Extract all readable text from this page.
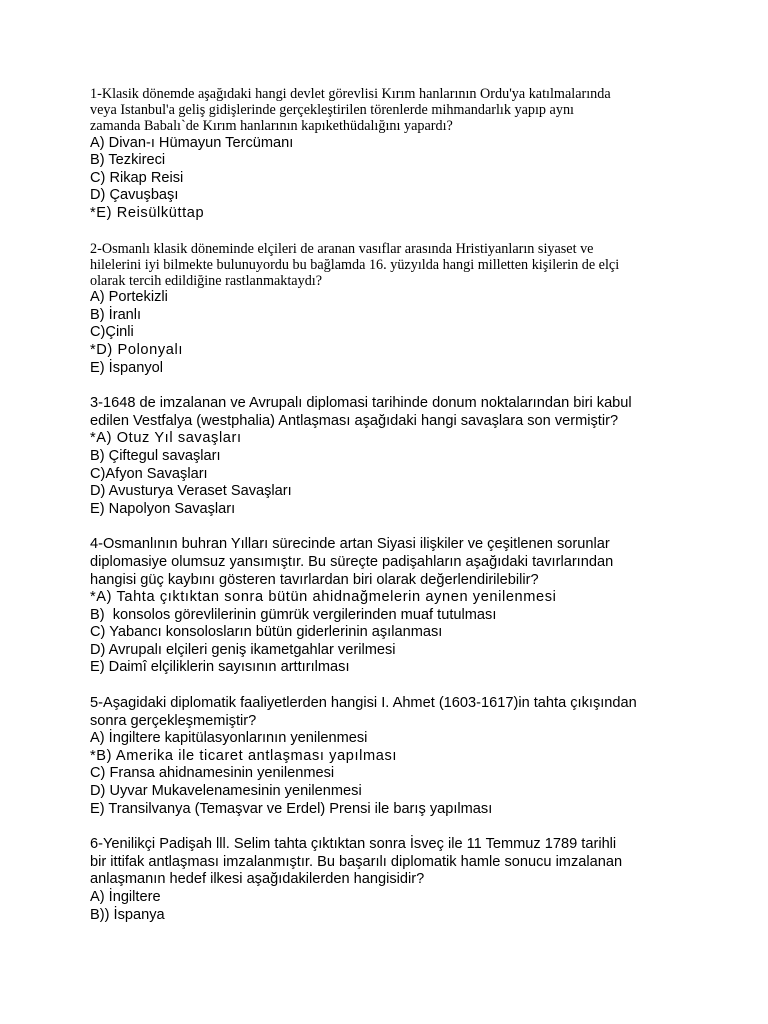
1-Klasik dönemde aşağıdaki hangi devlet görevlisi Kırım hanlarının Ordu'ya katılmalarında
veya Istanbul'a geliş gidişlerinde gerçekleştirilen törenlerde mihmandarlık yapıp aynı
zamanda Babalı`de Kırım hanlarının kapıkethüdalığını yapardı?

A) Divan-ı Hümayun Tercümanı
B) Tezkireci
C) Rikap Reisi
D) Çavuşbaşı
*E) Reisülküttap

2-Osmanlı klasik döneminde elçileri de aranan vasıflar arasında Hristiyanların siyaset ve
hilelerini iyi bilmekte bulunuyordu bu bağlamda 16. yüzyılda hangi milletten kişilerin de elçi
olarak tercih edildiğine rastlanmaktaydı?

A) Portekizli
B) İranlı
C)Çinli
*D) Polonyalı
E) İspanyol

3-1648 de imzalanan ve Avrupalı diplomasi tarihinde donum noktalarından biri kabul
edilen Vestfalya (westphalia) Antlaşması aşağıdaki hangi savaşlara son vermiştir?

*A) Otuz Yıl savaşları
B) Çiftegul savaşları
C)Afyon Savaşları
D) Avusturya Veraset Savaşları
E) Napolyon Savaşları

4-Osmanlının buhran Yılları sürecinde artan Siyasi ilişkiler ve çeşitlenen sorunlar
diplomasiye olumsuz yansımıştır. Bu süreçte padişahların aşağıdaki tavırlarından
hangisi güç kaybını gösteren tavırlardan biri olarak değerlendirilebilir?

*A) Tahta çıktıktan sonra bütün ahidnağmelerin aynen yenilenmesi
B)  konsolos görevlilerinin gümrük vergilerinden muaf tutulması
C) Yabancı konsolosların bütün giderlerinin aşılanması
D) Avrupalı elçileri geniş ikametgahlar verilmesi
E) Daimî elçiliklerin sayısının arttırılması

5-Aşagidaki diplomatik faaliyetlerden hangisi I. Ahmet (1603-1617)in tahta çıkışından
sonra gerçekleşmemiştir?

A) İngiltere kapitülasyonlarının yenilenmesi
*B) Amerika ile ticaret antlaşması yapılması
C) Fransa ahidnamesinin yenilenmesi
D) Uyvar Mukavelenamesinin yenilenmesi
E) Transilvanya (Temaşvar ve Erdel) Prensi ile barış yapılması

6-Yenilikçi Padişah lll. Selim tahta çıktıktan sonra İsveç ile 11 Temmuz 1789 tarihli
bir ittifak antlaşması imzalanmıştır. Bu başarılı diplomatik hamle sonucu imzalanan
anlaşmanın hedef ilkesi aşağıdakilerden hangisidir?

A) İngiltere
B)) İspanya
